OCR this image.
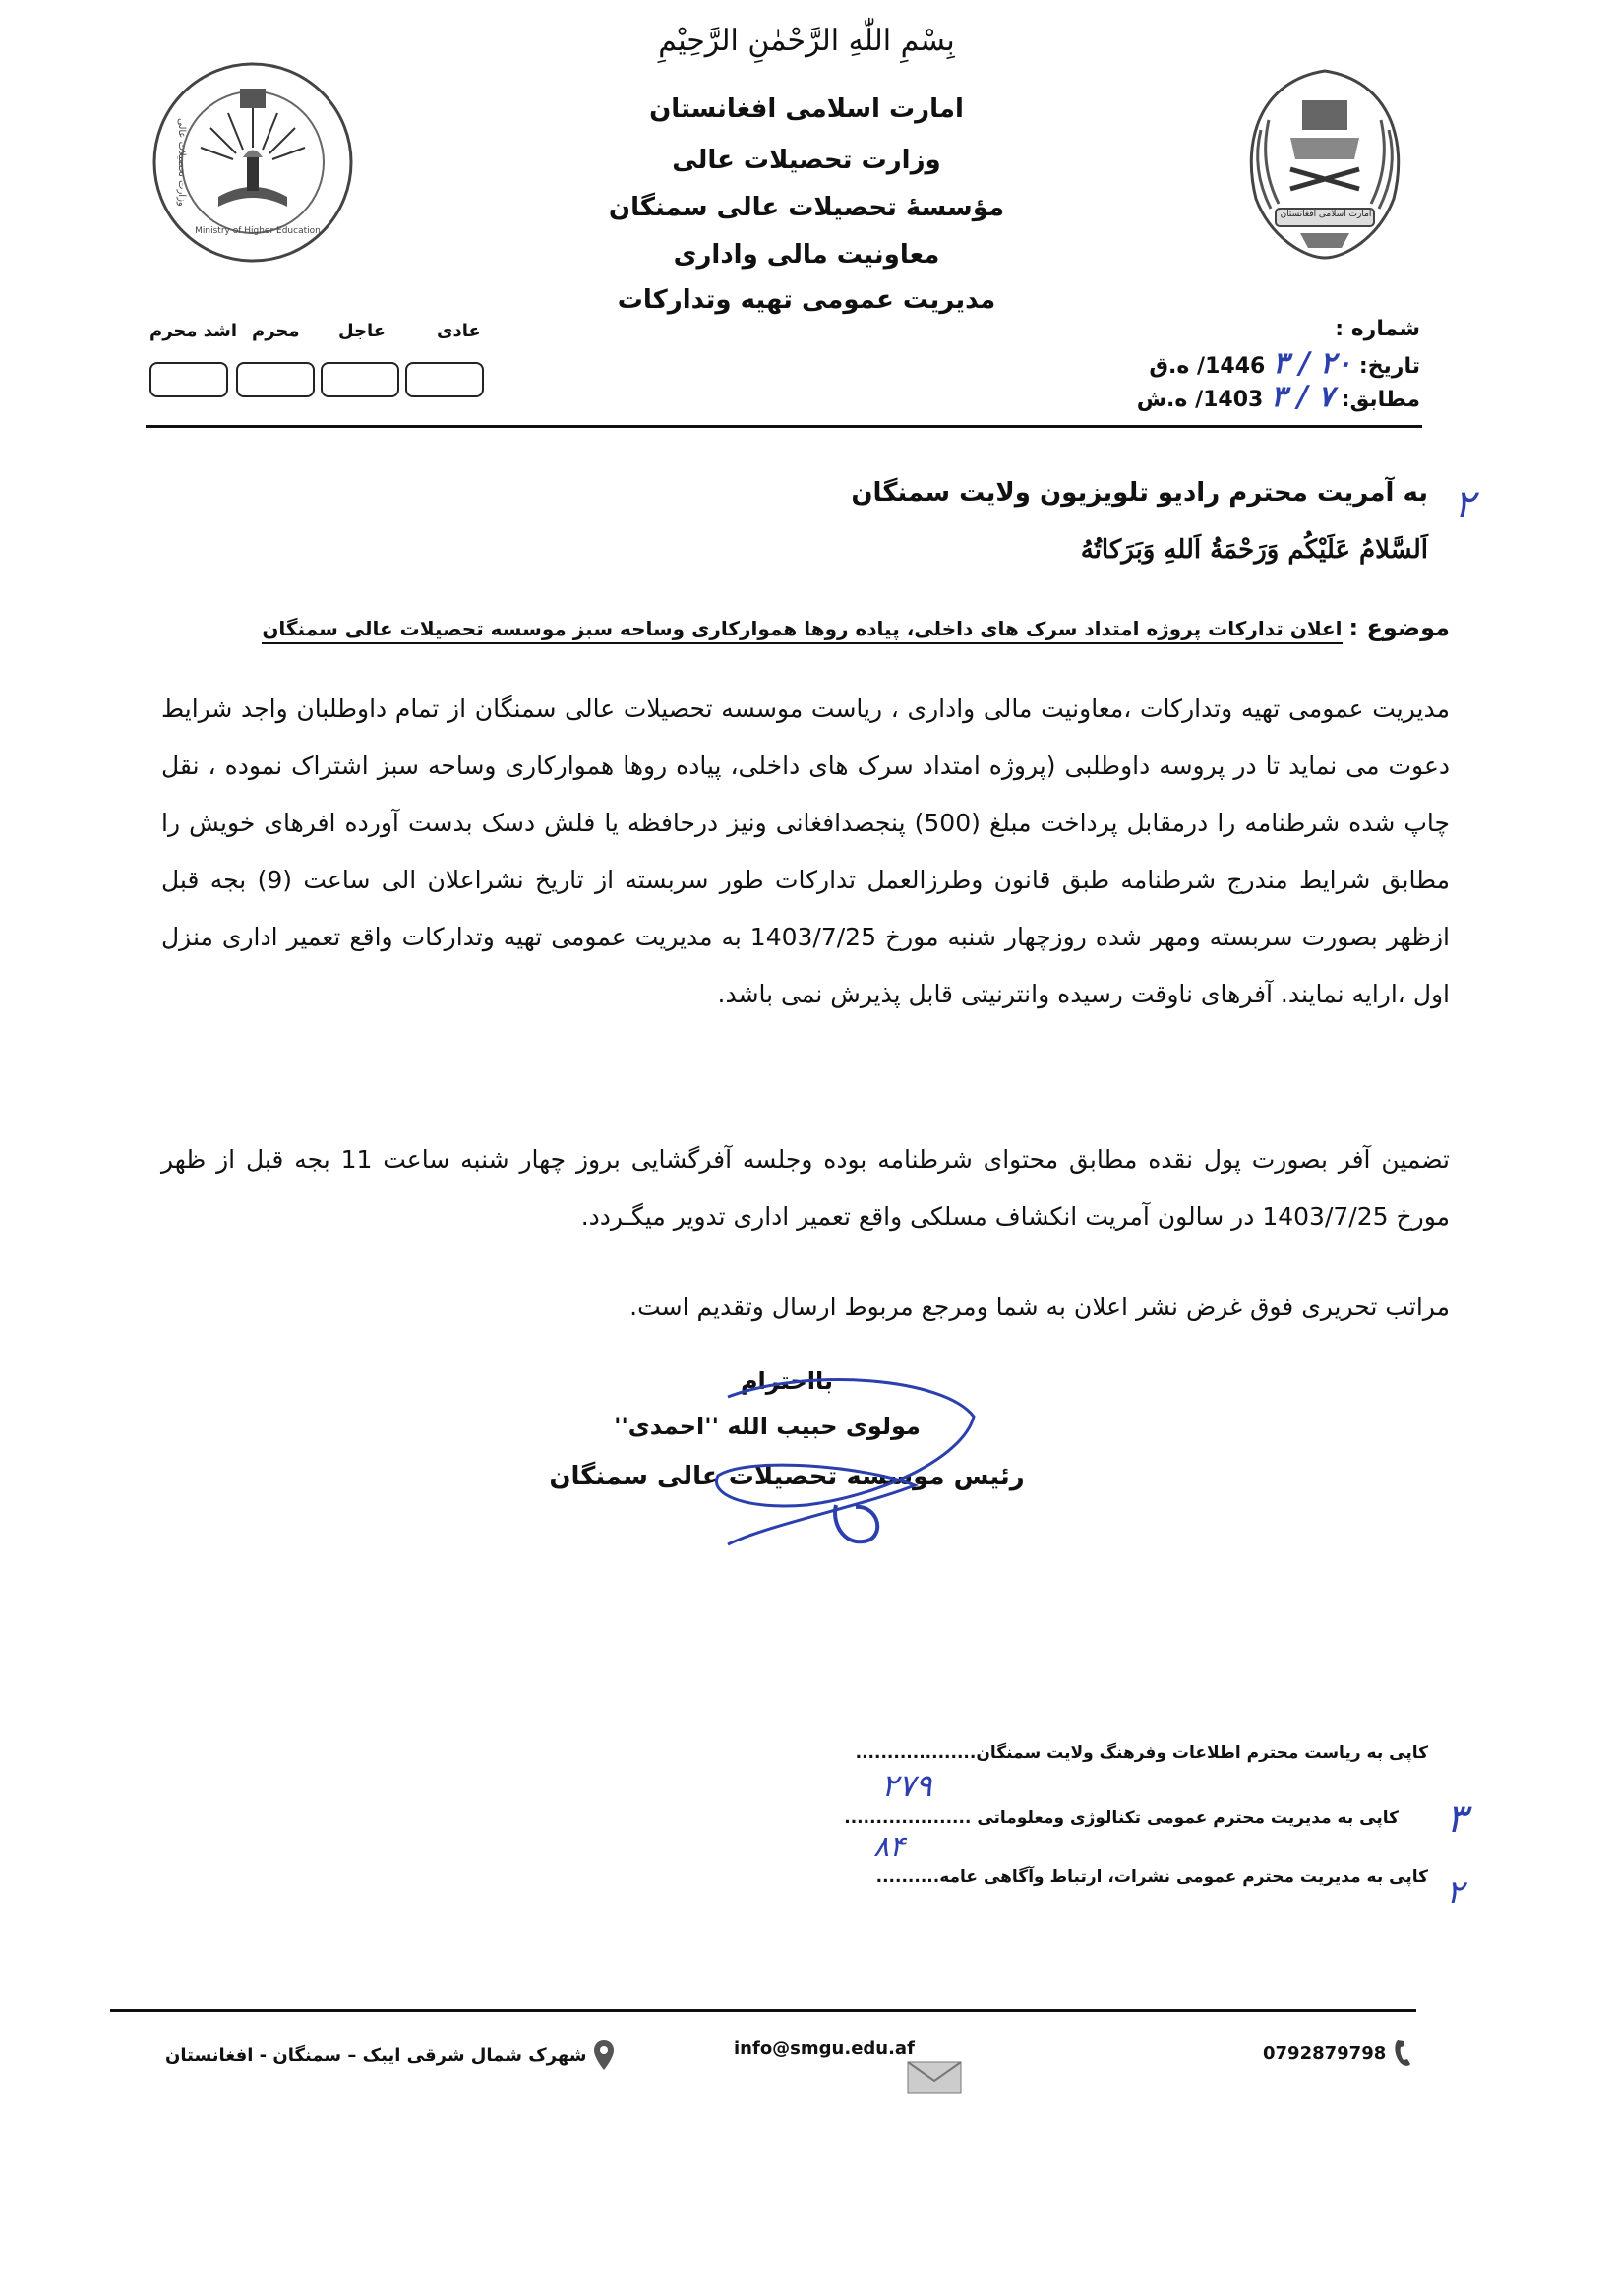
بِسْمِ اللّٰهِ الرَّحْمٰنِ الرَّحِيْمِ
Ministry of Higher Education
وزارت تحصیلات عالی
امارت اسلامی افغانستان
امارت اسلامی افغانستان
وزارت تحصیلات عالی
مؤسسۀ تحصیلات عالی سمنگان
معاونیت مالی واداری
مدیریت عمومی تهیه وتدارکات
عادی
عاجل
محرم
اشد محرم	شماره :
تاریخ: ٢٠ / ٣ 1446/ ه.ق
مطابق: ٧ / ٣ 1403/ ه.ش
به آمریت محترم رادیو تلویزیون ولایت سمنگان ٢
اَلسَّلامُ عَلَيْكُم وَرَحْمَةُ اَللهِ وَبَرَكاتُهُ
موضوع : اعلان تدارکات پروژه امتداد سرک های داخلی، پیاده روها هموارکاری وساحه سبز موسسه تحصیلات عالی سمنگان
مدیریت عمومی تهیه وتدارکات ،معاونیت مالی واداری ، ریاست موسسه تحصیلات عالی سمنگان از تمام داوطلبان واجد شرایط دعوت می نماید تا در پروسه داوطلبی (پروژه امتداد سرک های داخلی، پیاده روها هموارکاری وساحه سبز اشتراک نموده ، نقل چاپ شده شرطنامه را درمقابل پرداخت مبلغ (500) پنجصدافغانی ونیز درحافظه یا فلش دسک بدست آورده افرهای خویش را مطابق شرایط مندرج شرطنامه طبق قانون وطرزالعمل تدارکات طور سربسته از تاریخ نشراعلان الی ساعت (9) بجه قبل ازظهر بصورت سربسته ومهر شده روزچهار شنبه مورخ 1403/7/25 به مدیریت عمومی تهیه وتدارکات واقع تعمیر اداری منزل اول ،ارایه نمایند. آفرهای ناوقت رسیده وانترنیتی قابل پذیرش نمی باشد.
تضمین آفر بصورت پول نقده مطابق محتوای شرطنامه بوده وجلسه آفرگشایی بروز چهار شنبه ساعت 11 بجه قبل از ظهر مورخ 1403/7/25 در سالون آمریت انکشاف مسلکی واقع تعمیر اداری تدویر میگـردد.
مراتب تحریری فوق غرض نشر اعلان به شما ومرجع مربوط ارسال وتقدیم است.
بااحترام
مولوی حبیب الله ''احمدی''
رئیس موسسه تحصیلات عالی سمنگان
کاپی به ریاست محترم اطلاعات وفرهنگ ولایت سمنگان...................
٢٧٩
کاپی به مدیریت محترم عمومی تکنالوژی ومعلوماتی .................... ٣
٨۴
کاپی به مدیریت محترم عمومی نشرات، ارتباط وآگاهی عامه.......... ٢
شهرک شمال شرقی ایبک – سمنگان - افغانستان	info@smgu.edu.af	0792879798
